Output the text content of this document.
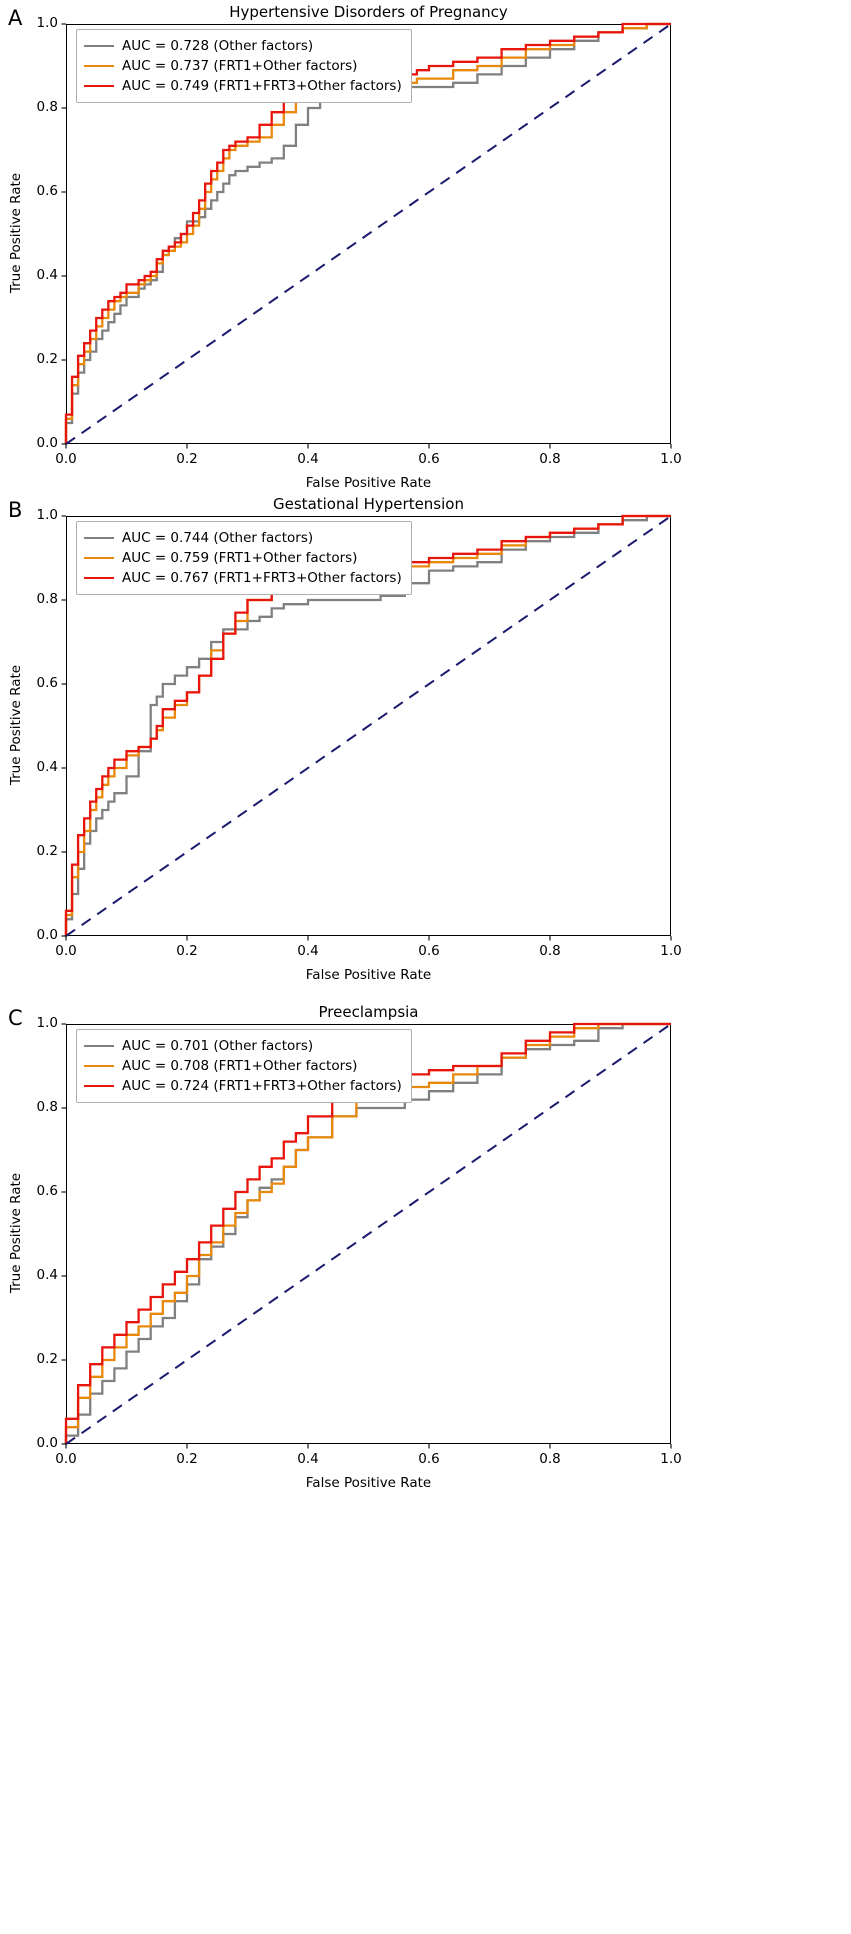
A	Hypertensive Disorders of Pregnancy
0.0	0.2	0.4	0.6	0.8	1.0
0.0
0.2
0.4
0.6
0.8
1.0
False Positive Rate
True Positive Rate
AUC = 0.728 (Other factors)
AUC = 0.737 (FRT1+Other factors)
AUC = 0.749 (FRT1+FRT3+Other factors)
B	Gestational Hypertension
0.0	0.2	0.4	0.6	0.8	1.0
0.0
0.2
0.4
0.6
0.8
1.0
False Positive Rate
True Positive Rate
AUC = 0.744 (Other factors)
AUC = 0.759 (FRT1+Other factors)
AUC = 0.767 (FRT1+FRT3+Other factors)
C	Preeclampsia
0.0	0.2	0.4	0.6	0.8	1.0
0.0
0.2
0.4
0.6
0.8
1.0
False Positive Rate
True Positive Rate
AUC = 0.701 (Other factors)
AUC = 0.708 (FRT1+Other factors)
AUC = 0.724 (FRT1+FRT3+Other factors)
